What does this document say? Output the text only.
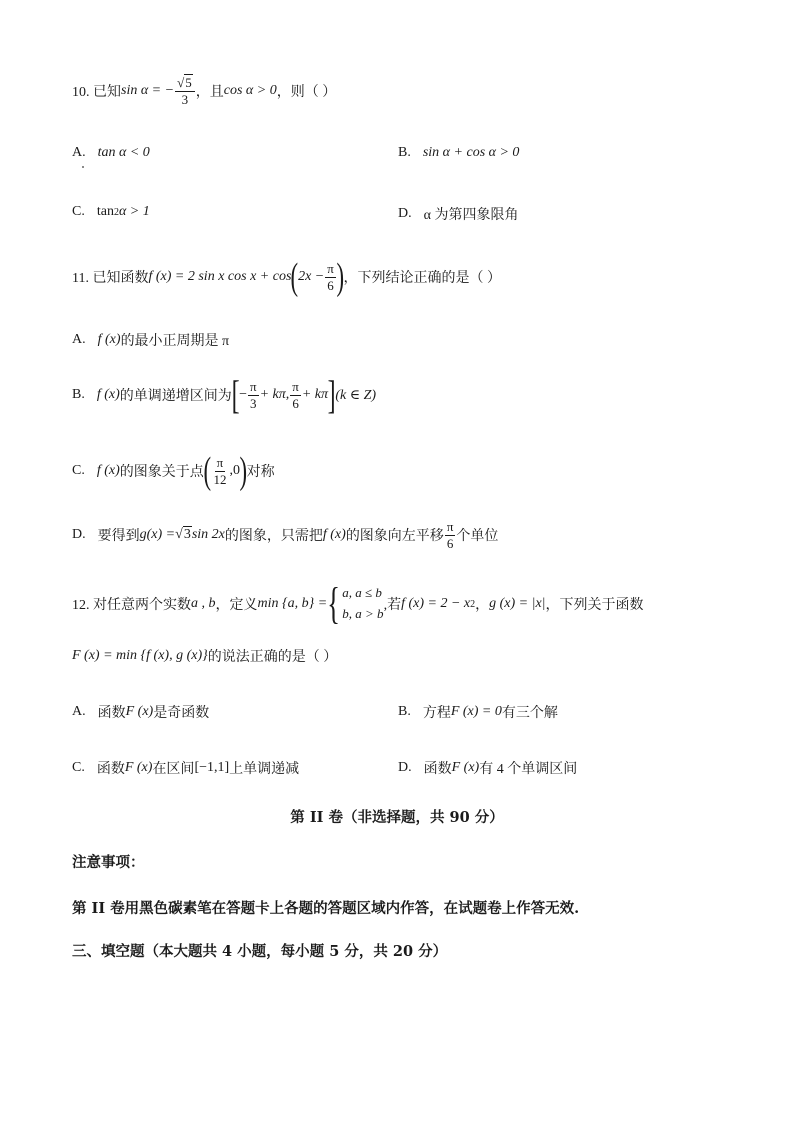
10. 已知 sin α = − $\frac{√5}{3}$ ，且 cos α > 0 ，则（ ）
A. tan α < 0	B. sin α + cos α > 0
C. tan 2 α > 1	D. α 为第四象限角
11. 已知函数 f (x) = 2 sin x cos x + cos ( $2x - \frac{\pi}{6}$ ) ，下列结论正确的是（ ）
A. f (x) 的最小正周期是 π
B. f (x) 的单调递增区间为 [ − $\frac{\pi}{3} + k\pi$, $\frac{\pi}{6} + k\pi$ ] (k ∈ Z)
C. f (x) 的图象关于点 ( $\frac{\pi}{12} ,0$ ) 对称
D. 要得到 g(x) = √3 sin 2x 的图象，只需把 f (x) 的图象向左平移 $\frac{\pi}{6}$ 个单位
12. 对任意两个实数 a , b ，定义 min {a, b} = { a, a ≤ b
b, a > b
,若 f (x) = 2 − x 2 ， g (x) = |x| ，下列关于函数
F (x) = min {f (x), g (x)} 的说法正确的是（ ）
A. 函数 F (x) 是奇函数	B. 方程 F (x) = 0 有三个解
C. 函数 F (x) 在区间 [−1,1] 上单调递减	D. 函数 F (x) 有 4 个单调区间
第 II 卷（非选择题，共 90 分）
注意事项：
第 II 卷用黑色碳素笔在答题卡上各题的答题区域内作答，在试题卷上作答无效.
三、填空题（本大题共 4 小题，每小题 5 分，共 20 分）
